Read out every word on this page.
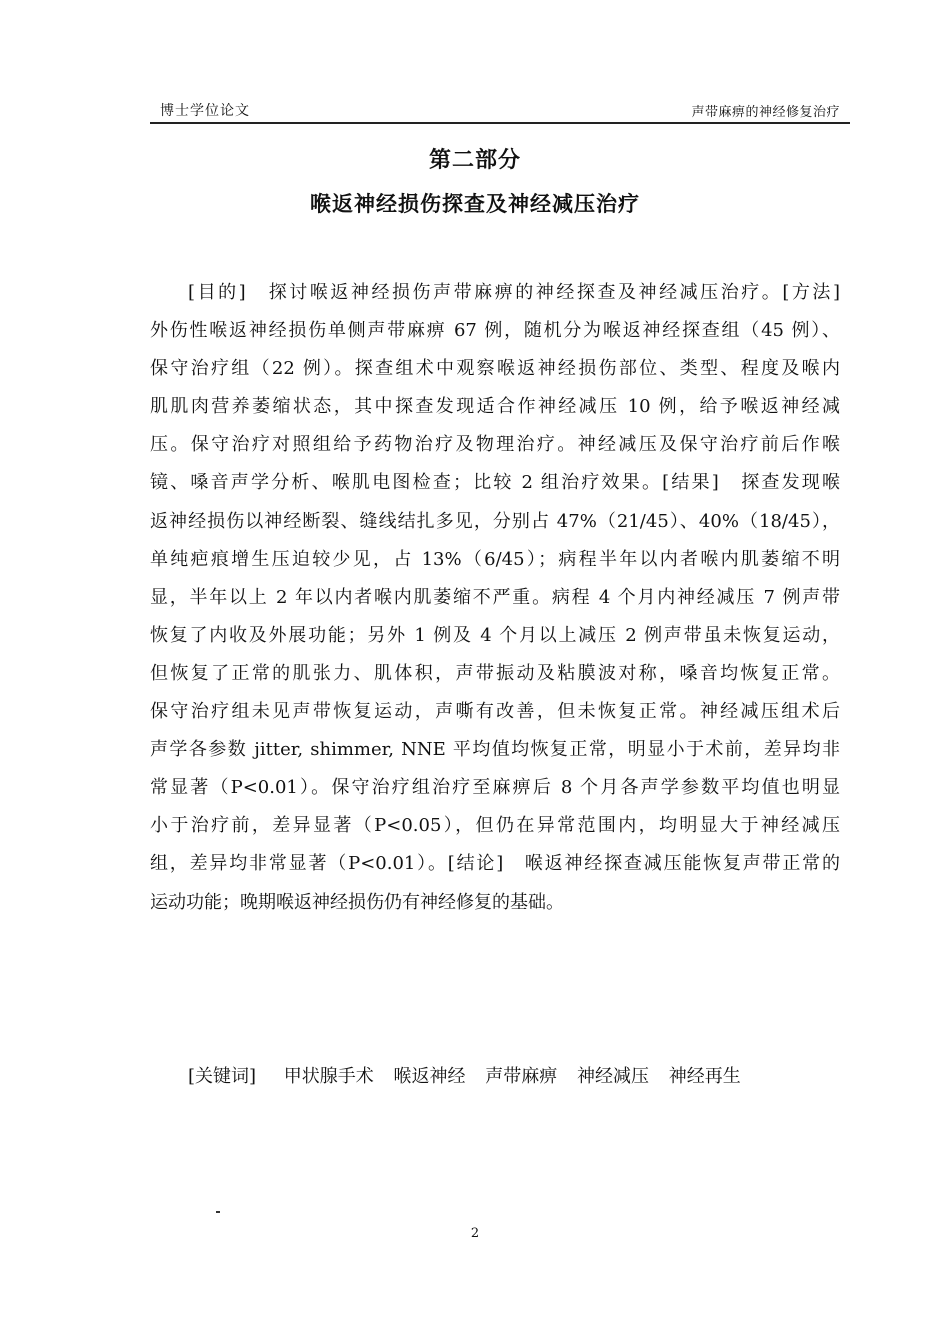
博士学位论文	声带麻痹的神经修复治疗
第二部分
喉返神经损伤探查及神经减压治疗
[目的]　探讨喉返神经损伤声带麻痹的神经探查及神经减压治疗。[方法]
外伤性喉返神经损伤单侧声带麻痹 67 例，随机分为喉返神经探查组（45 例）、
保守治疗组（22 例）。探查组术中观察喉返神经损伤部位、类型、程度及喉内
肌肌肉营养萎缩状态，其中探查发现适合作神经减压 10 例，给予喉返神经减
压。保守治疗对照组给予药物治疗及物理治疗。神经减压及保守治疗前后作喉
镜、嗓音声学分析、喉肌电图检查；比较 2 组治疗效果。[结果]　探查发现喉
返神经损伤以神经断裂、缝线结扎多见，分别占 47%（21/45）、40%（18/45），
单纯疤痕增生压迫较少见，占 13%（6/45）；病程半年以内者喉内肌萎缩不明
显，半年以上 2 年以内者喉内肌萎缩不严重。病程 4 个月内神经减压 7 例声带
恢复了内收及外展功能；另外 1 例及 4 个月以上减压 2 例声带虽未恢复运动，
但恢复了正常的肌张力、肌体积，声带振动及粘膜波对称，嗓音均恢复正常。
保守治疗组未见声带恢复运动，声嘶有改善，但未恢复正常。神经减压组术后
声学各参数 jitter, shimmer, NNE 平均值均恢复正常，明显小于术前，差异均非
常显著（P<0.01）。保守治疗组治疗至麻痹后 8 个月各声学参数平均值也明显
小于治疗前，差异显著（P<0.05），但仍在异常范围内，均明显大于神经减压
组，差异均非常显著（P<0.01）。[结论]　喉返神经探查减压能恢复声带正常的
运动功能；晚期喉返神经损伤仍有神经修复的基础。
[关键词] 甲状腺手术 喉返神经 声带麻痹 神经减压 神经再生
2
